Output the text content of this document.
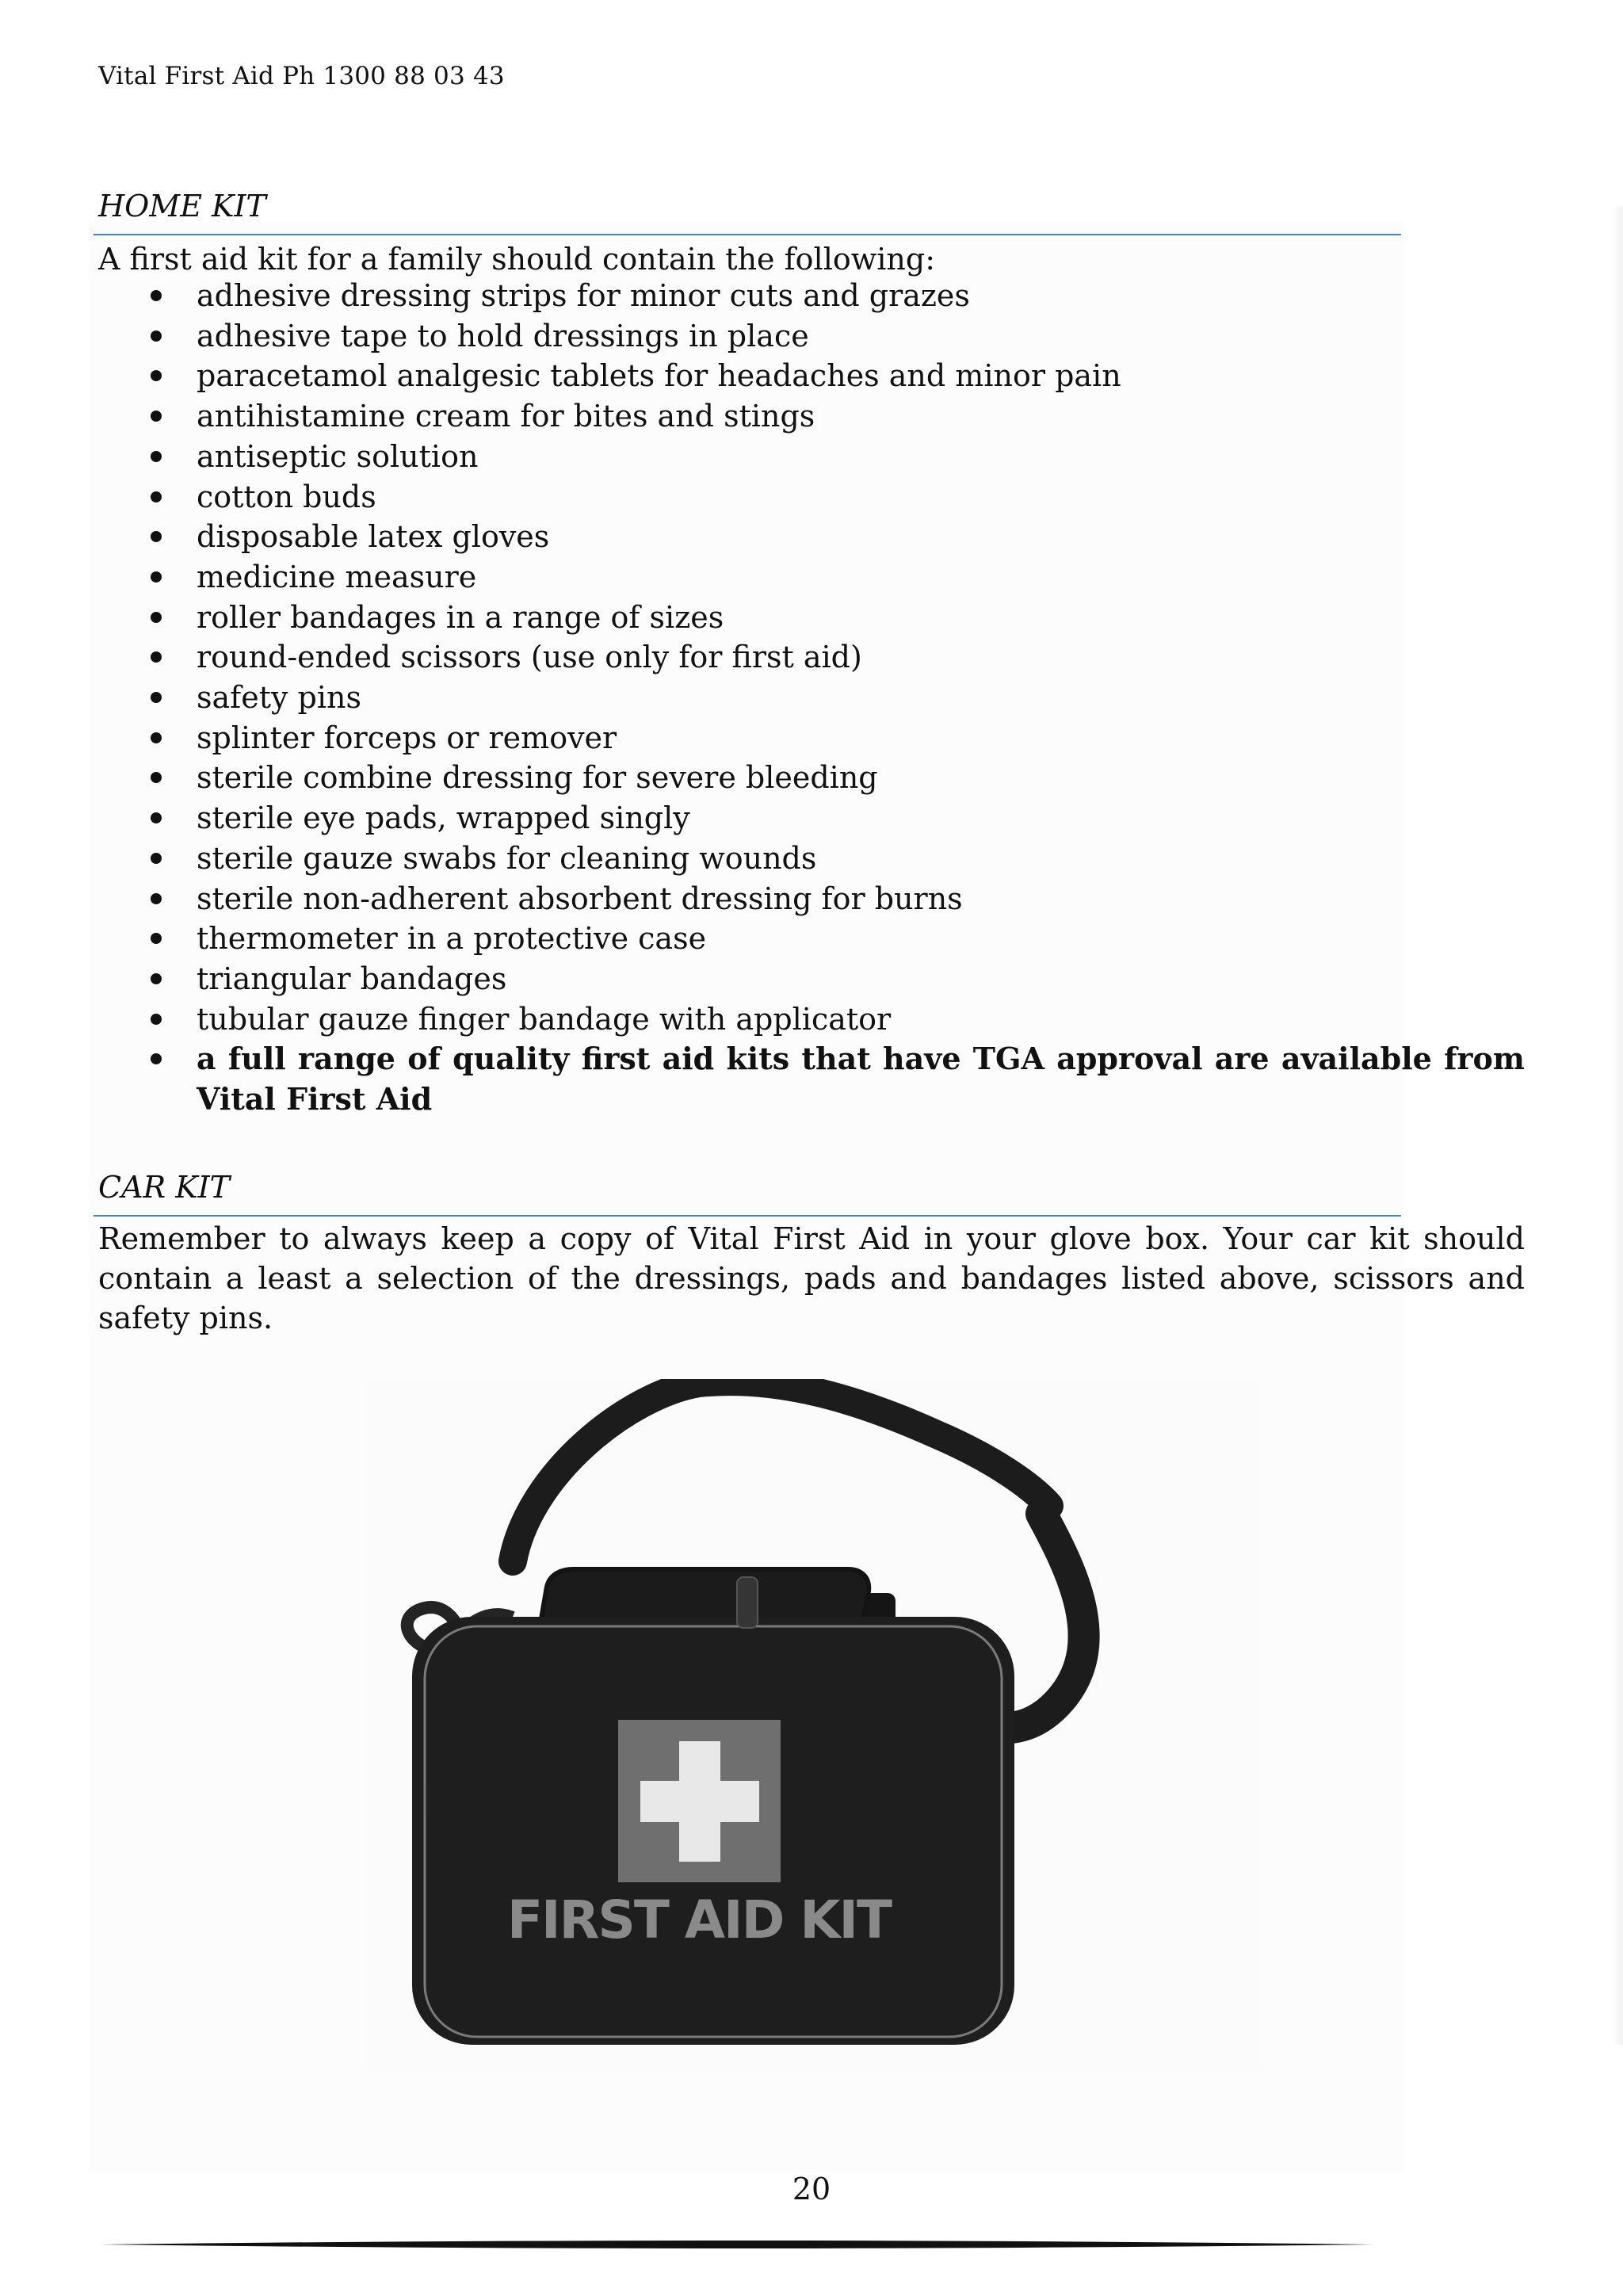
Vital First Aid Ph 1300 88 03 43
HOME KIT
A first aid kit for a family should contain the following:
adhesive dressing strips for minor cuts and grazes
adhesive tape to hold dressings in place
paracetamol analgesic tablets for headaches and minor pain
antihistamine cream for bites and stings
antiseptic solution
cotton buds
disposable latex gloves
medicine measure
roller bandages in a range of sizes
round-ended scissors (use only for first aid)
safety pins
splinter forceps or remover
sterile combine dressing for severe bleeding
sterile eye pads, wrapped singly
sterile gauze swabs for cleaning wounds
sterile non-adherent absorbent dressing for burns
thermometer in a protective case
triangular bandages
tubular gauze finger bandage with applicator
a full range of quality first aid kits that have TGA approval are available from Vital First Aid
CAR KIT
Remember to always keep a copy of Vital First Aid in your glove box. Your car kit should contain a least a selection of the dressings, pads and bandages listed above, scissors and safety pins.
FIRST AID KIT
20
